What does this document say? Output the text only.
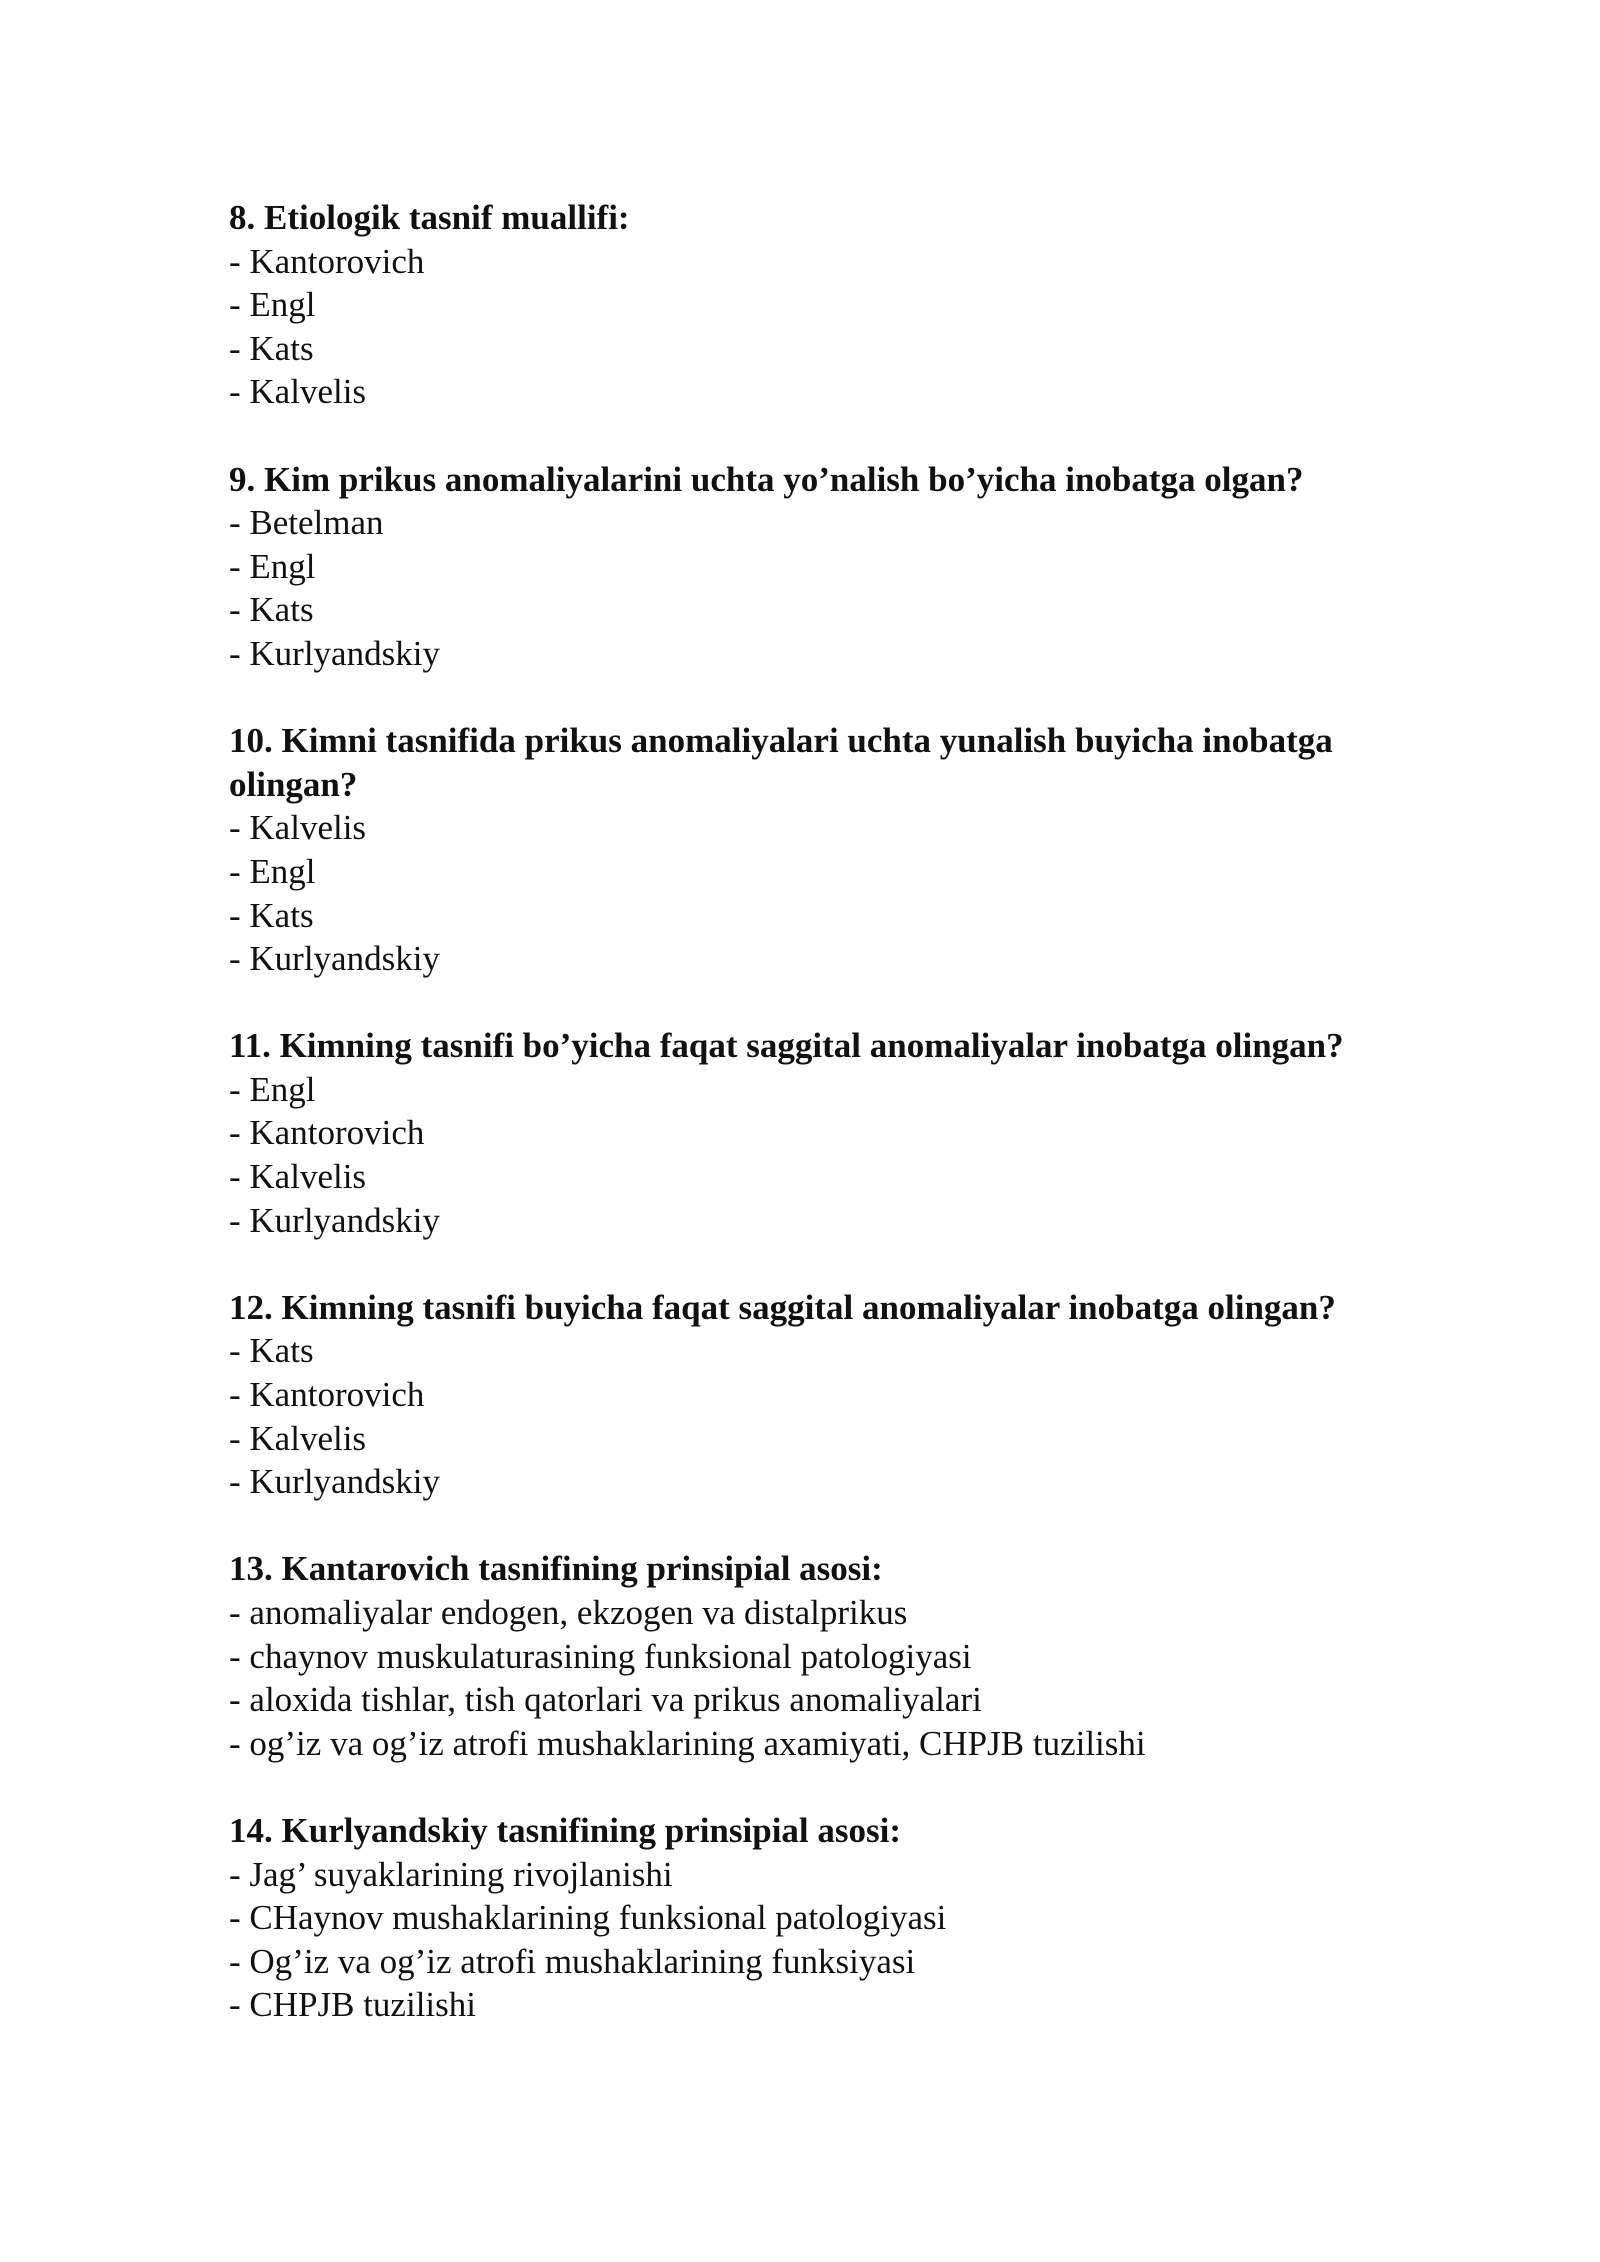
8. Etiologik tasnif muallifi:

- Kantorovich
- Engl
- Kats
- Kalvelis

9. Kim prikus anomaliyalarini uchta yo’nalish bo’yicha inobatga olgan?

- Betelman
- Engl
- Kats
- Kurlyandskiy

10. Kimni tasnifida prikus anomaliyalari uchta yunalish buyicha inobatga olingan?

- Kalvelis
- Engl
- Kats
- Kurlyandskiy

11. Kimning tasnifi bo’yicha faqat saggital anomaliyalar inobatga olingan?

- Engl
- Kantorovich
- Kalvelis
- Kurlyandskiy

12. Kimning tasnifi buyicha faqat saggital anomaliyalar inobatga olingan?

- Kats
- Kantorovich
- Kalvelis
- Kurlyandskiy

13. Kantarovich tasnifining prinsipial asosi:

- anomaliyalar endogen, ekzogen va distalprikus
- chaynov muskulaturasining funksional patologiyasi
- aloxida tishlar, tish qatorlari va prikus anomaliyalari
- og’iz va og’iz atrofi mushaklarining axamiyati, CHPJB tuzilishi

14. Kurlyandskiy tasnifining prinsipial asosi:

- Jag’ suyaklarining rivojlanishi
- CHaynov mushaklarining funksional patologiyasi
- Og’iz va og’iz atrofi mushaklarining funksiyasi
- CHPJB tuzilishi
